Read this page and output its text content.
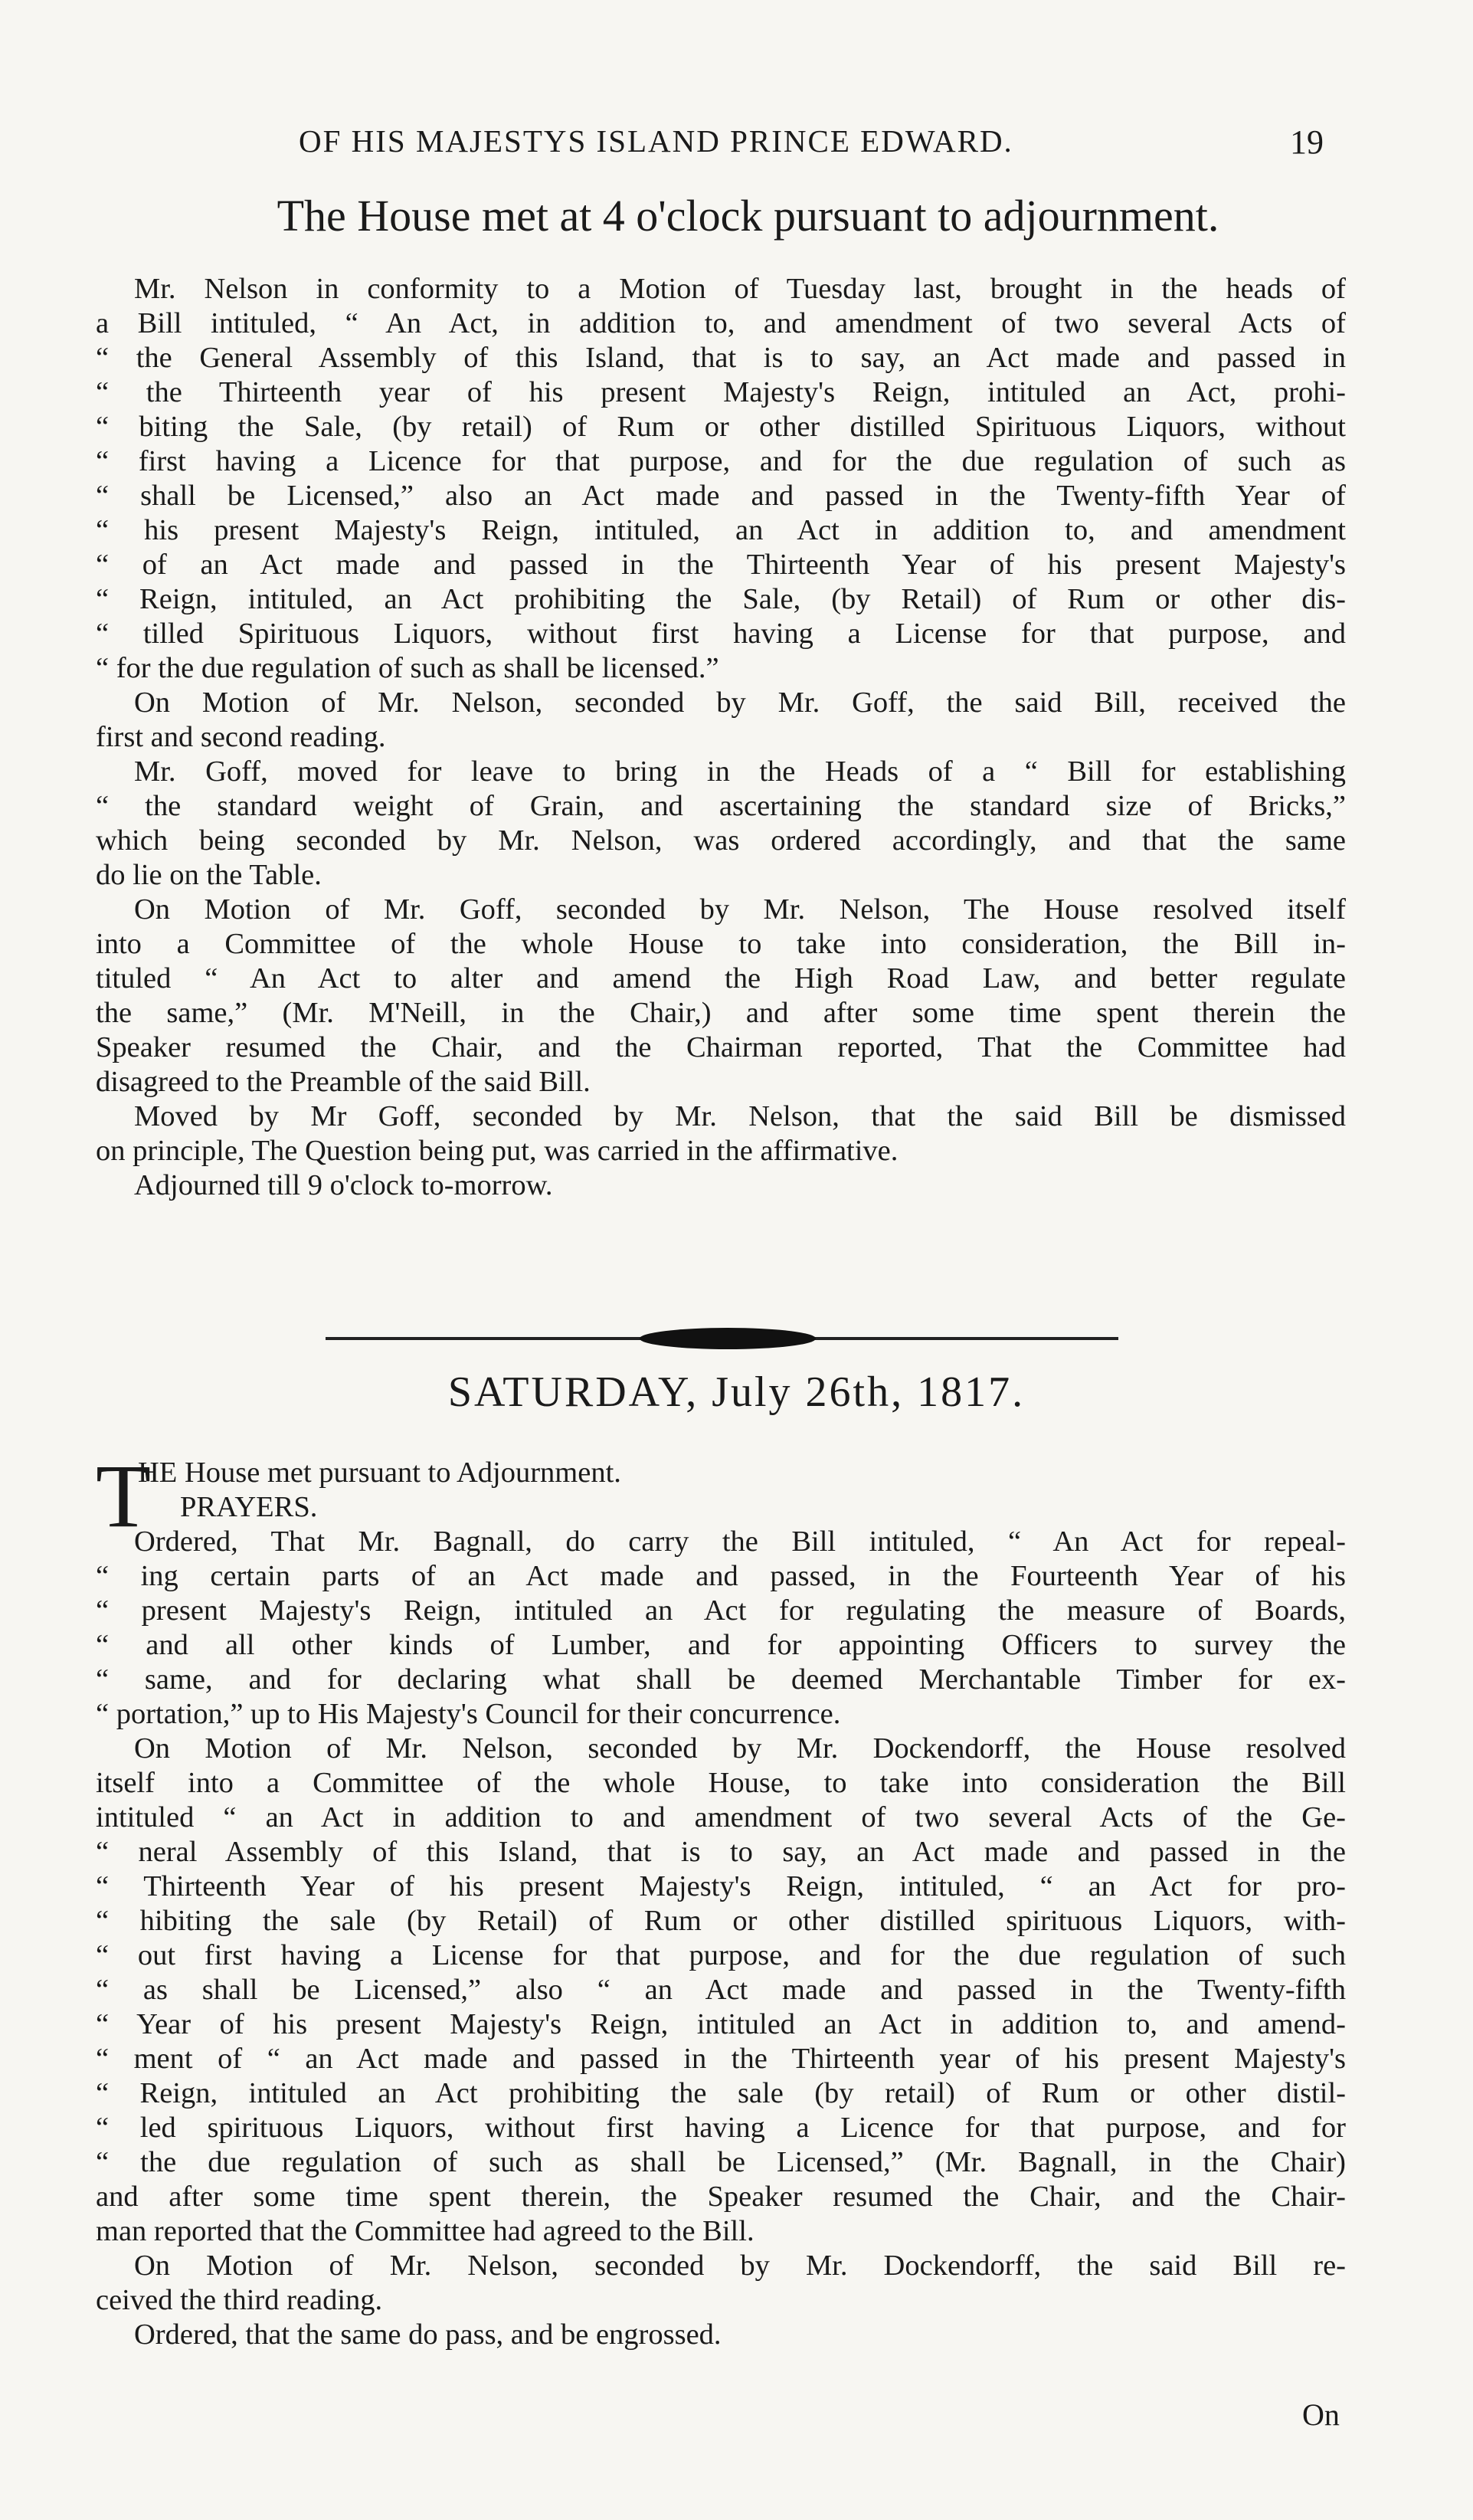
OF HIS MAJESTYS ISLAND PRINCE EDWARD.	19
The House met at 4 o'clock pursuant to adjournment.
Mr. Nelson in conformity to a Motion of Tuesday last, brought in the heads of
a Bill intituled, “ An Act, in addition to, and amendment of two several Acts of
“ the General Assembly of this Island, that is to say, an Act made and passed in
“ the Thirteenth year of his present Majesty's Reign, intituled an Act, prohi-
“ biting the Sale, (by retail) of Rum or other distilled Spirituous Liquors, without
“ first having a Licence for that purpose, and for the due regulation of such as
“ shall be Licensed,” also an Act made and passed in the Twenty-fifth Year of
“ his present Majesty's Reign, intituled, an Act in addition to, and amendment
“ of an Act made and passed in the Thirteenth Year of his present Majesty's
“ Reign, intituled, an Act prohibiting the Sale, (by Retail) of Rum or other dis-
“ tilled Spirituous Liquors, without first having a License for that purpose, and
“ for the due regulation of such as shall be licensed.”
On Motion of Mr. Nelson, seconded by Mr. Goff, the said Bill, received the
first and second reading.
Mr. Goff, moved for leave to bring in the Heads of a “ Bill for establishing
“ the standard weight of Grain, and ascertaining the standard size of Bricks,”
which being seconded by Mr. Nelson, was ordered accordingly, and that the same
do lie on the Table.
On Motion of Mr. Goff, seconded by Mr. Nelson, The House resolved itself
into a Committee of the whole House to take into consideration, the Bill in-
tituled “ An Act to alter and amend the High Road Law, and better regulate
the same,” (Mr. M'Neill, in the Chair,) and after some time spent therein the
Speaker resumed the Chair, and the Chairman reported, That the Committee had
disagreed to the Preamble of the said Bill.
Moved by Mr Goff, seconded by Mr. Nelson, that the said Bill be dismissed
on principle, The Question being put, was carried in the affirmative.
Adjourned till 9 o'clock to-morrow.
SATURDAY, July 26th, 1817.
T
HE House met pursuant to Adjournment.
PRAYERS.
Ordered, That Mr. Bagnall, do carry the Bill intituled, “ An Act for repeal-
“ ing certain parts of an Act made and passed, in the Fourteenth Year of his
“ present Majesty's Reign, intituled an Act for regulating the measure of Boards,
“ and all other kinds of Lumber, and for appointing Officers to survey the
“ same, and for declaring what shall be deemed Merchantable Timber for ex-
“ portation,” up to His Majesty's Council for their concurrence.
On Motion of Mr. Nelson, seconded by Mr. Dockendorff, the House resolved
itself into a Committee of the whole House, to take into consideration the Bill
intituled “ an Act in addition to and amendment of two several Acts of the Ge-
“ neral Assembly of this Island, that is to say, an Act made and passed in the
“ Thirteenth Year of his present Majesty's Reign, intituled, “ an Act for pro-
“ hibiting the sale (by Retail) of Rum or other distilled spirituous Liquors, with-
“ out first having a License for that purpose, and for the due regulation of such
“ as shall be Licensed,” also “ an Act made and passed in the Twenty-fifth
“ Year of his present Majesty's Reign, intituled an Act in addition to, and amend-
“ ment of “ an Act made and passed in the Thirteenth year of his present Majesty's
“ Reign, intituled an Act prohibiting the sale (by retail) of Rum or other distil-
“ led spirituous Liquors, without first having a Licence for that purpose, and for
“ the due regulation of such as shall be Licensed,” (Mr. Bagnall, in the Chair)
and after some time spent therein, the Speaker resumed the Chair, and the Chair-
man reported that the Committee had agreed to the Bill.
On Motion of Mr. Nelson, seconded by Mr. Dockendorff, the said Bill re-
ceived the third reading.
Ordered, that the same do pass, and be engrossed.
On
